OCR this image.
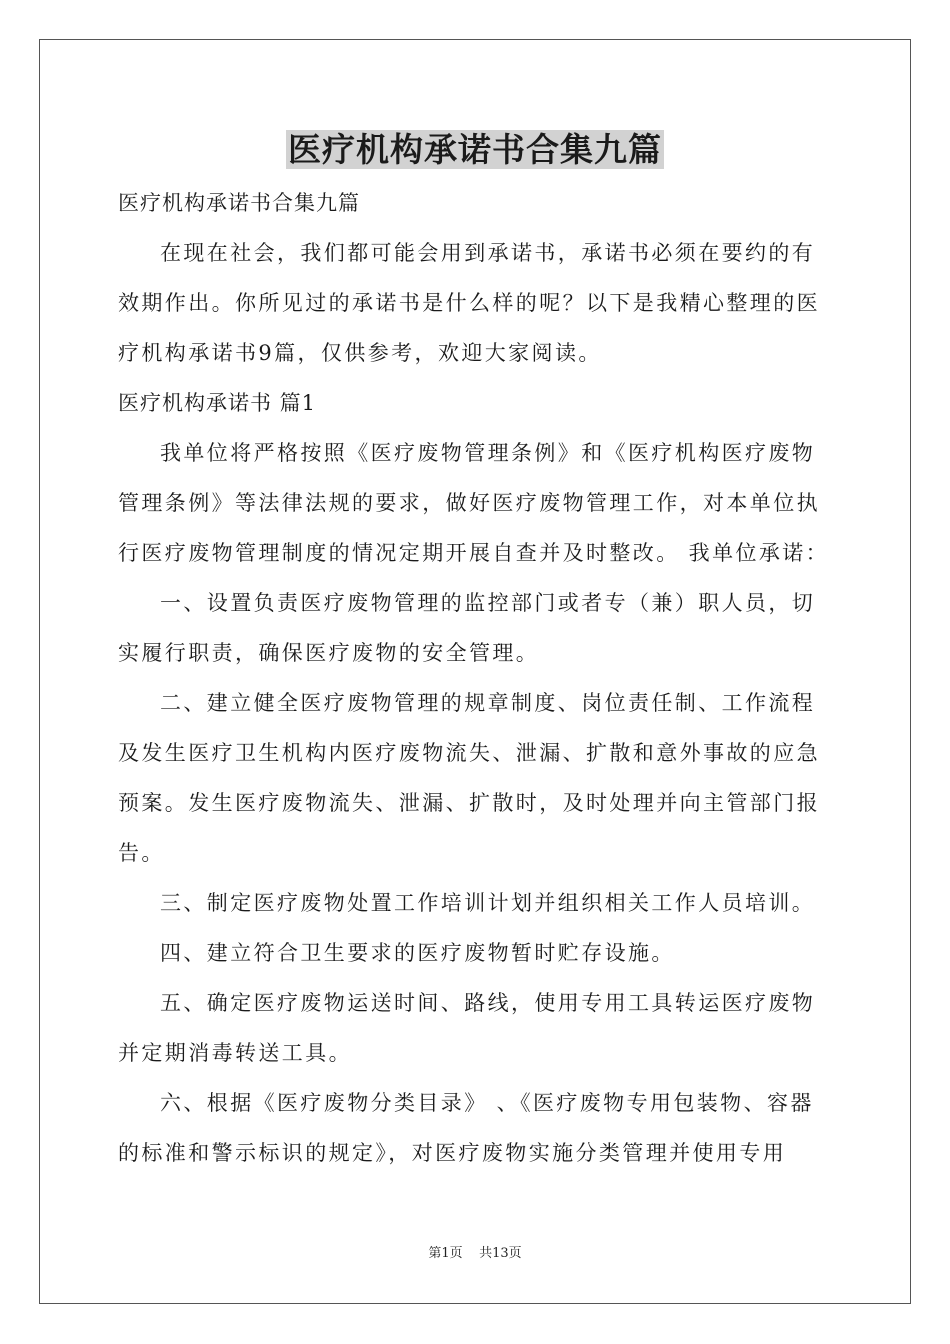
医疗机构承诺书合集九篇

医疗机构承诺书合集九篇

在现在社会，我们都可能会用到承诺书，承诺书必须在要约的有效期作出。你所见过的承诺书是什么样的呢？以下是我精心整理的医疗机构承诺书9篇，仅供参考，欢迎大家阅读。

医疗机构承诺书 篇1

我单位将严格按照《医疗废物管理条例》和《医疗机构医疗废物管理条例》等法律法规的要求，做好医疗废物管理工作，对本单位执行医疗废物管理制度的情况定期开展自查并及时整改。 我单位承诺：

一、设置负责医疗废物管理的监控部门或者专（兼）职人员，切实履行职责，确保医疗废物的安全管理。

二、建立健全医疗废物管理的规章制度、岗位责任制、工作流程及发生医疗卫生机构内医疗废物流失、泄漏、扩散和意外事故的应急预案。发生医疗废物流失、泄漏、扩散时，及时处理并向主管部门报告。

三、制定医疗废物处置工作培训计划并组织相关工作人员培训。

四、建立符合卫生要求的医疗废物暂时贮存设施。

五、确定医疗废物运送时间、路线，使用专用工具转运医疗废物并定期消毒转送工具。

六、根据《医疗废物分类目录》 、《医疗废物专用包装物、容器的标准和警示标识的规定》，对医疗废物实施分类管理并使用专用

第1页    共13页
